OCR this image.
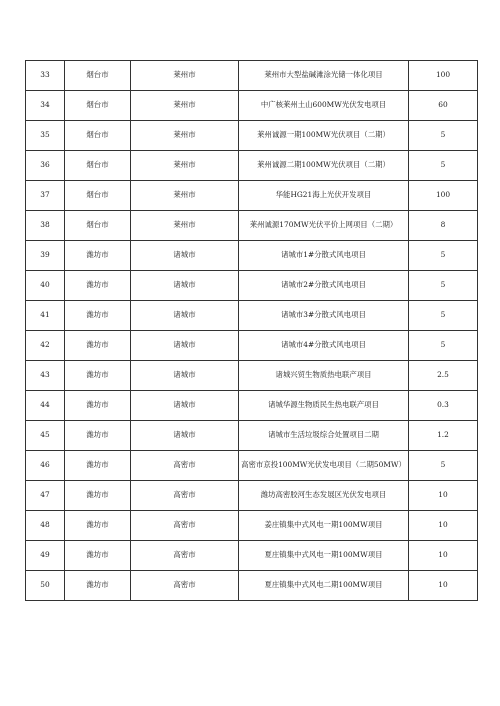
33	烟台市	莱州市	莱州市大型盐碱滩涂光储一体化项目	100
34	烟台市	莱州市	中广核莱州土山600MW光伏发电项目	60
35	烟台市	莱州市	莱州诚源一期100MW光伏项目（二期）	5
36	烟台市	莱州市	莱州诚源二期100MW光伏项目（二期）	5
37	烟台市	莱州市	华能HG21海上光伏开发项目	100
38	烟台市	莱州市	莱州诚源170MW光伏平价上网项目（二期）	8
39	潍坊市	诸城市	诸城市1#分散式风电项目	5
40	潍坊市	诸城市	诸城市2#分散式风电项目	5
41	潍坊市	诸城市	诸城市3#分散式风电项目	5
42	潍坊市	诸城市	诸城市4#分散式风电项目	5
43	潍坊市	诸城市	诸城兴贸生物质热电联产项目	2.5
44	潍坊市	诸城市	诸城华源生物质民生热电联产项目	0.3
45	潍坊市	诸城市	诸城市生活垃圾综合处置项目二期	1.2
46	潍坊市	高密市	高密市京投100MW光伏发电项目（二期50MW）	5
47	潍坊市	高密市	潍坊高密胶河生态发展区光伏发电项目	10
48	潍坊市	高密市	姜庄镇集中式风电一期100MW项目	10
49	潍坊市	高密市	夏庄镇集中式风电一期100MW项目	10
50	潍坊市	高密市	夏庄镇集中式风电二期100MW项目	10
